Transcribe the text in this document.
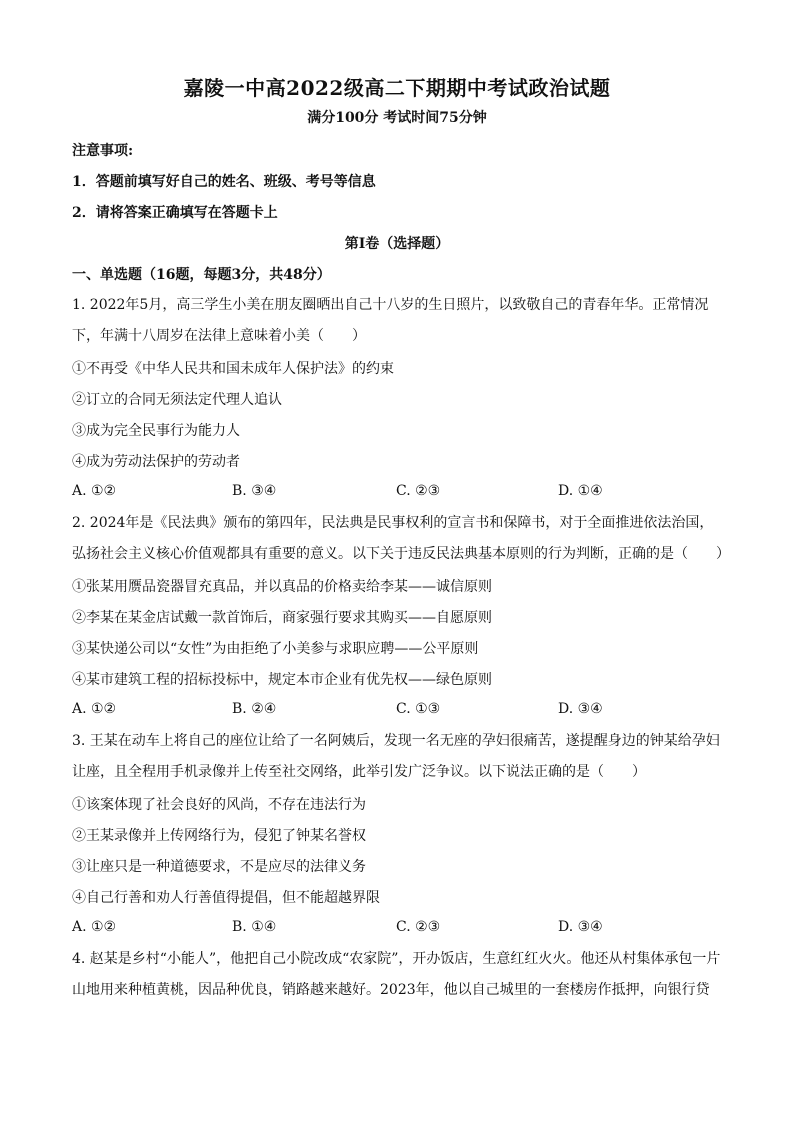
嘉陵一中高2022级高二下期期中考试政治试题
满分100分 考试时间75分钟
注意事项:
1．答题前填写好自己的姓名、班级、考号等信息
2．请将答案正确填写在答题卡上
第I卷（选择题）
一、单选题（16题，每题3分，共48分）
1. 2022年5月，高三学生小美在朋友圈晒出自己十八岁的生日照片，以致敬自己的青春年华。正常情况下，年满十八周岁在法律上意味着小美（　　）
①不再受《中华人民共和国未成年人保护法》的约束
②订立的合同无须法定代理人追认
③成为完全民事行为能力人
④成为劳动法保护的劳动者
A. ①②	B. ③④	C. ②③	D. ①④
2. 2024年是《民法典》颁布的第四年，民法典是民事权利的宣言书和保障书，对于全面推进依法治国，弘扬社会主义核心价值观都具有重要的意义。以下关于违反民法典基本原则的行为判断，正确的是（　　）
①张某用赝品瓷器冒充真品，并以真品的价格卖给李某——诚信原则
②李某在某金店试戴一款首饰后，商家强行要求其购买——自愿原则
③某快递公司以“女性”为由拒绝了小美参与求职应聘——公平原则
④某市建筑工程的招标投标中，规定本市企业有优先权——绿色原则
A. ①②	B. ②④	C. ①③	D. ③④
3. 王某在动车上将自己的座位让给了一名阿姨后，发现一名无座的孕妇很痛苦，遂提醒身边的钟某给孕妇让座，且全程用手机录像并上传至社交网络，此举引发广泛争议。以下说法正确的是（　　）
①该案体现了社会良好的风尚，不存在违法行为
②王某录像并上传网络行为，侵犯了钟某名誉权
③让座只是一种道德要求，不是应尽的法律义务
④自己行善和劝人行善值得提倡，但不能超越界限
A. ①②	B. ①④	C. ②③	D. ③④
4. 赵某是乡村“小能人”，他把自己小院改成“农家院”，开办饭店，生意红红火火。他还从村集体承包一片山地用来种植黄桃，因品种优良，销路越来越好。2023年，他以自己城里的一套楼房作抵押，向银行贷
